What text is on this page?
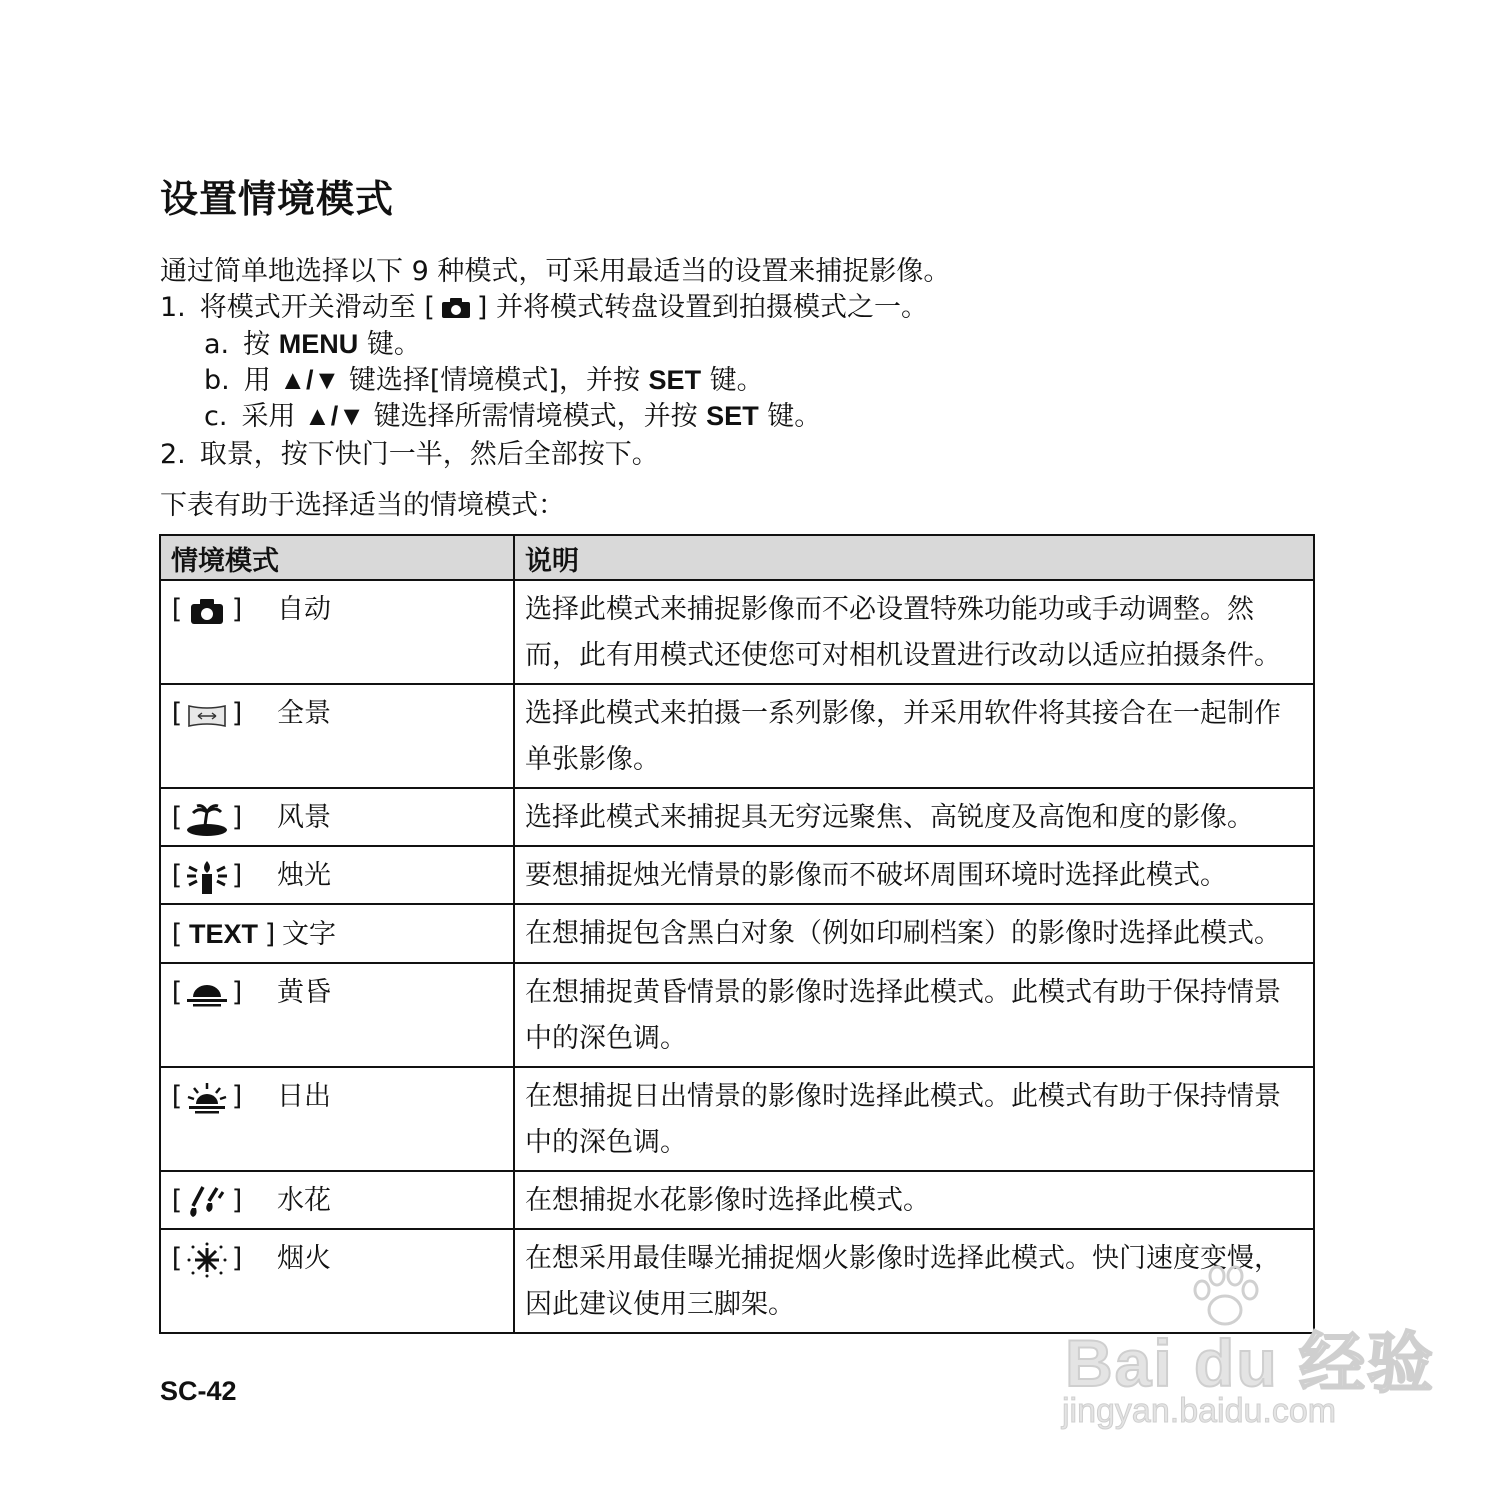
设置情境模式
通过简单地选择以下 9 种模式，可采用最适当的设置来捕捉影像。
1. 将模式开关滑动至 [ ] 并将模式转盘设置到拍摄模式之一。
a. 按 MENU 键。
b. 用 ▲/▼ 键选择[情境模式]，并按 SET 键。
c. 采用 ▲/▼ 键选择所需情境模式，并按 SET 键。
2. 取景，按下快门一半，然后全部按下。
下表有助于选择适当的情境模式：
情境模式	说明
[ ] 自动	选择此模式来捕捉影像而不必设置特殊功能功或手动调整。然而，此有用模式还使您可对相机设置进行改动以适应拍摄条件。
[ ] 全景	选择此模式来拍摄一系列影像，并采用软件将其接合在一起制作单张影像。
[ ] 风景	选择此模式来捕捉具无穷远聚焦、高锐度及高饱和度的影像。
[ ] 烛光	要想捕捉烛光情景的影像而不破坏周围环境时选择此模式。
[ TEXT ] 文字	在想捕捉包含黑白对象（例如印刷档案）的影像时选择此模式。
[ ] 黄昏	在想捕捉黄昏情景的影像时选择此模式。此模式有助于保持情景中的深色调。
[ ] 日出	在想捕捉日出情景的影像时选择此模式。此模式有助于保持情景中的深色调。
[ ] 水花	在想捕捉水花影像时选择此模式。
[ ] 烟火	在想采用最佳曝光捕捉烟火影像时选择此模式。快门速度变慢，因此建议使用三脚架。
SC-42	Bai du 经验
jingyan.baidu.com
